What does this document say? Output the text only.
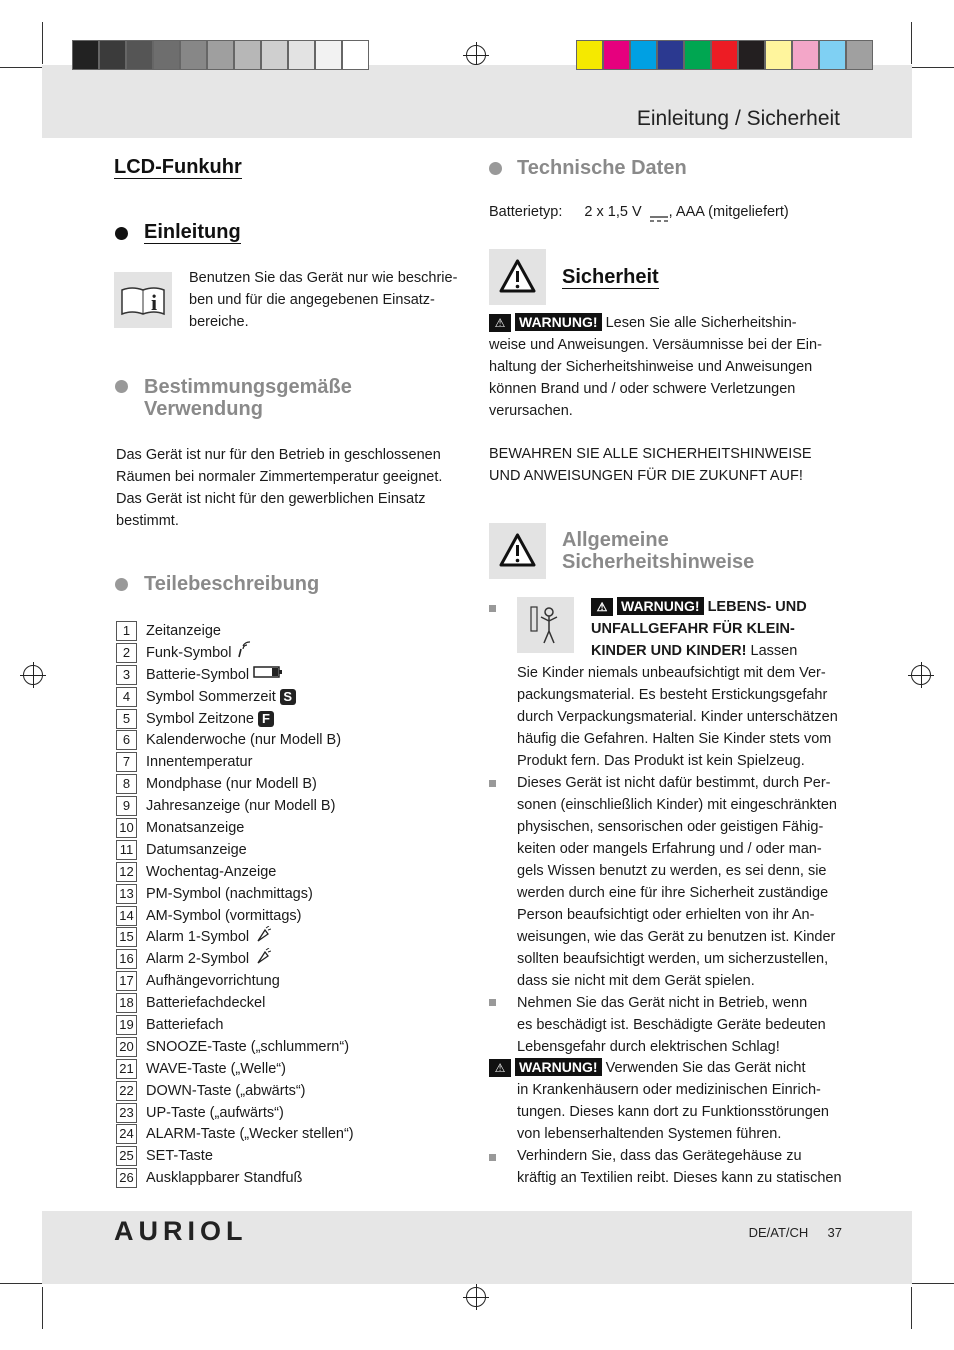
Einleitung / Sicherheit
LCD-Funkuhr
Einleitung
i
Benutzen Sie das Gerät nur wie beschrie-
ben und für die angegebenen Einsatz-
bereiche.
Bestimmungsgemäße
Verwendung
Das Gerät ist nur für den Betrieb in geschlossenen
Räumen bei normaler Zimmertemperatur geeignet.
Das Gerät ist nicht für den gewerblichen Einsatz
bestimmt.
Teilebeschreibung
1	Zeitanzeige
2	Funk-Symbol
3	Batterie-Symbol
4	Symbol Sommerzeit S
5	Symbol Zeitzone F
6	Kalenderwoche (nur Modell B)
7	Innentemperatur
8	Mondphase (nur Modell B)
9	Jahresanzeige (nur Modell B)
10 Monatsanzeige
11 Datumsanzeige
12 Wochentag-Anzeige
13 PM-Symbol (nachmittags)
14 AM-Symbol (vormittags)
15 Alarm 1-Symbol
16 Alarm 2-Symbol
17 Aufhängevorrichtung
18 Batteriefachdeckel
19 Batteriefach
20 SNOOZE-Taste („schlummern“)
21 WAVE-Taste („Welle“)
22 DOWN-Taste („abwärts“)
23 UP-Taste („aufwärts“)
24 ALARM-Taste („Wecker stellen“)
25 SET-Taste
26 Ausklappbarer Standfuß
Technische Daten
Batterietyp: 2 x 1,5 V , AAA (mitgeliefert)
Sicherheit
⚠ WARNUNG! Lesen Sie alle Sicherheitshin-
weise und Anweisungen. Versäumnisse bei der Ein-
haltung der Sicherheitshinweise und Anweisungen
können Brand und / oder schwere Verletzungen
verursachen.
BEWAHREN SIE ALLE SICHERHEITSHINWEISE
UND ANWEISUNGEN FÜR DIE ZUKUNFT AUF!
Allgemeine
Sicherheitshinweise
⚠ WARNUNG! LEBENS- UND
UNFALLGEFAHR FÜR KLEIN-
KINDER UND KINDER! Lassen
Sie Kinder niemals unbeaufsichtigt mit dem Ver-
packungsmaterial. Es besteht Erstickungsgefahr
durch Verpackungsmaterial. Kinder unterschätzen
häufig die Gefahren. Halten Sie Kinder stets vom
Produkt fern. Das Produkt ist kein Spielzeug.
Dieses Gerät ist nicht dafür bestimmt, durch Per-
sonen (einschließlich Kinder) mit eingeschränkten
physischen, sensorischen oder geistigen Fähig-
keiten oder mangels Erfahrung und / oder man-
gels Wissen benutzt zu werden, es sei denn, sie
werden durch eine für ihre Sicherheit zuständige
Person beaufsichtigt oder erhielten von ihr An-
weisungen, wie das Gerät zu benutzen ist. Kinder
sollten beaufsichtigt werden, um sicherzustellen,
dass sie nicht mit dem Gerät spielen.
Nehmen Sie das Gerät nicht in Betrieb, wenn
es beschädigt ist. Beschädigte Geräte bedeuten
Lebensgefahr durch elektrischen Schlag!
⚠ WARNUNG! Verwenden Sie das Gerät nicht
in Krankenhäusern oder medizinischen Einrich-
tungen. Dieses kann dort zu Funktionsstörungen
von lebenserhaltenden Systemen führen.
Verhindern Sie, dass das Gerätegehäuse zu
kräftig an Textilien reibt. Dieses kann zu statischen
AURIOL	DE/AT/CH 37
